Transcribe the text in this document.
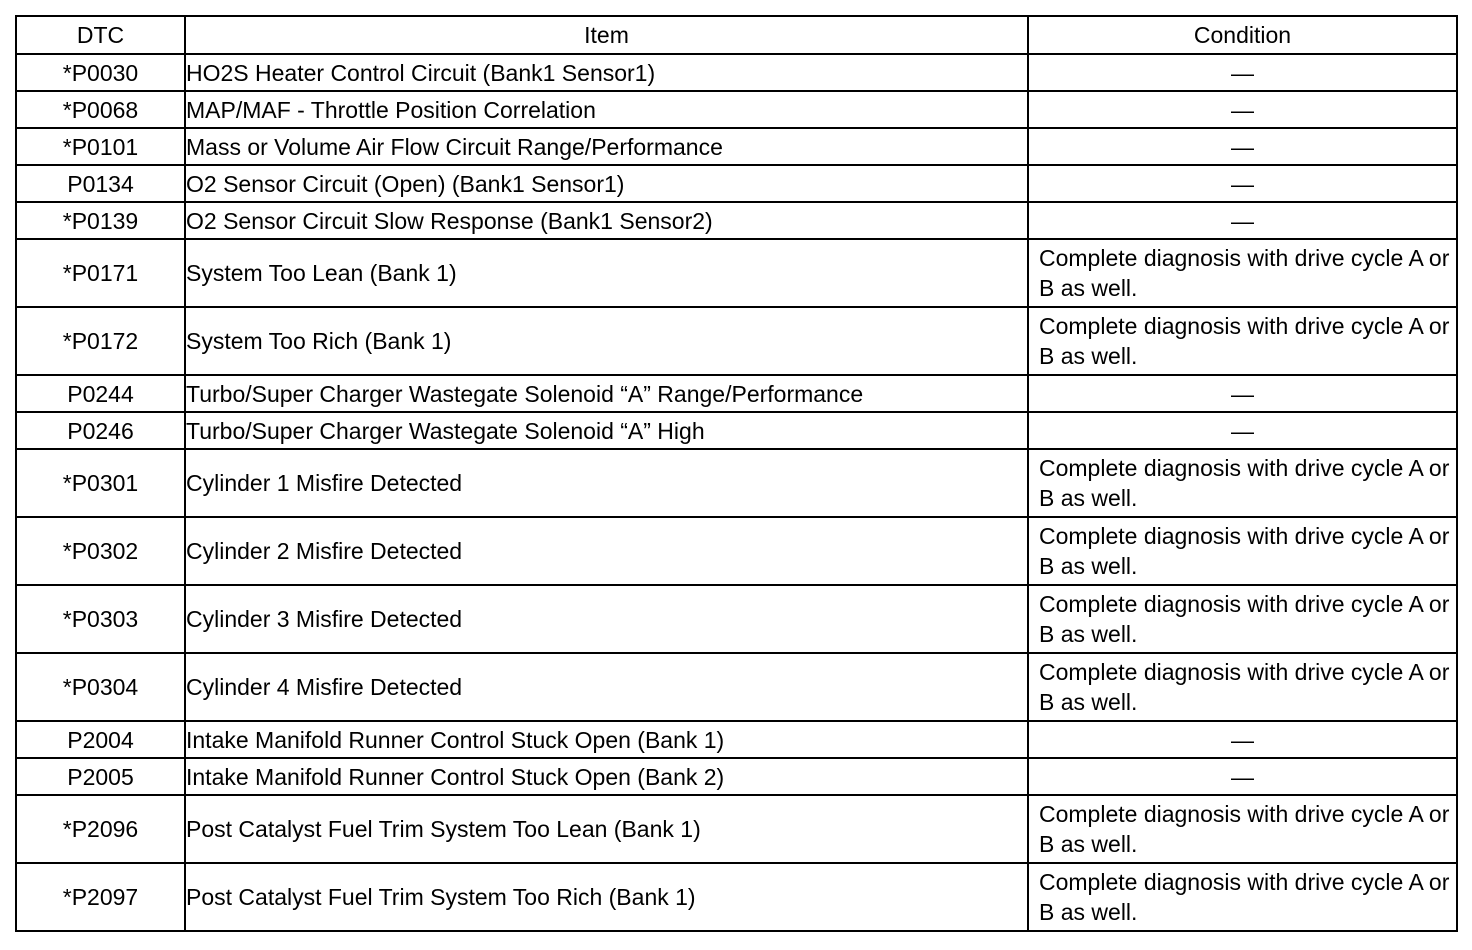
DTC	Item	Condition
*P0030	HO2S Heater Control Circuit (Bank1 Sensor1)	—
*P0068	MAP/MAF - Throttle Position Correlation	—
*P0101	Mass or Volume Air Flow Circuit Range/Performance	—
P0134	O2 Sensor Circuit (Open) (Bank1 Sensor1)	—
*P0139	O2 Sensor Circuit Slow Response (Bank1 Sensor2)	—
*P0171	System Too Lean (Bank 1)	Complete diagnosis with drive cycle A or B as well.
*P0172	System Too Rich (Bank 1)	Complete diagnosis with drive cycle A or B as well.
P0244	Turbo/Super Charger Wastegate Solenoid “A” Range/Performance	—
P0246	Turbo/Super Charger Wastegate Solenoid “A” High	—
*P0301	Cylinder 1 Misfire Detected	Complete diagnosis with drive cycle A or B as well.
*P0302	Cylinder 2 Misfire Detected	Complete diagnosis with drive cycle A or B as well.
*P0303	Cylinder 3 Misfire Detected	Complete diagnosis with drive cycle A or B as well.
*P0304	Cylinder 4 Misfire Detected	Complete diagnosis with drive cycle A or B as well.
P2004	Intake Manifold Runner Control Stuck Open (Bank 1)	—
P2005	Intake Manifold Runner Control Stuck Open (Bank 2)	—
*P2096	Post Catalyst Fuel Trim System Too Lean (Bank 1)	Complete diagnosis with drive cycle A or B as well.
*P2097	Post Catalyst Fuel Trim System Too Rich (Bank 1)	Complete diagnosis with drive cycle A or B as well.
